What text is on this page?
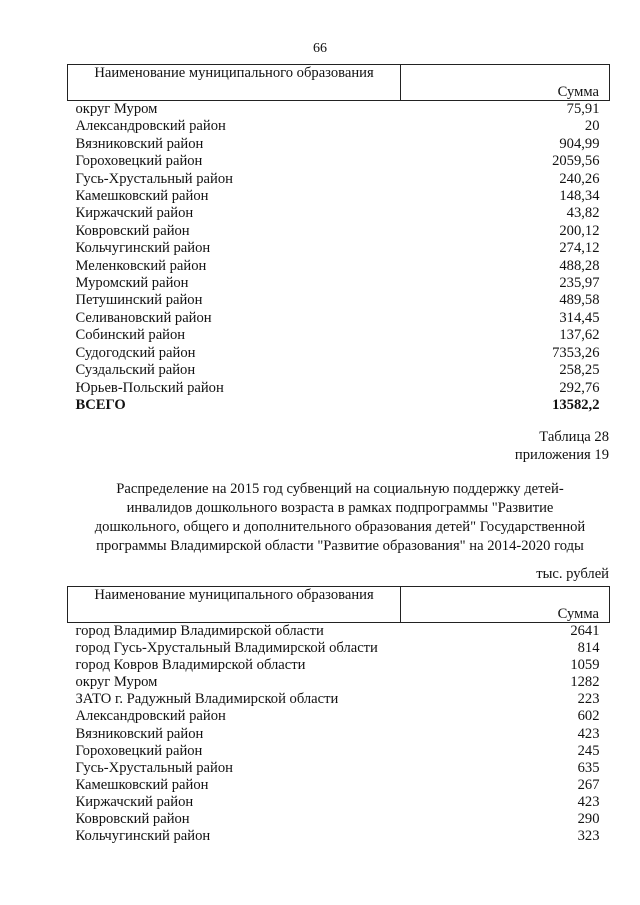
66
Наименование муниципального образования	Сумма
округ Муром	75,91
Александровский район	20
Вязниковский район	904,99
Гороховецкий район	2059,56
Гусь-Хрустальный район	240,26
Камешковский район	148,34
Киржачский район	43,82
Ковровский район	200,12
Кольчугинский район	274,12
Меленковский район	488,28
Муромский район	235,97
Петушинский район	489,58
Селивановский район	314,45
Собинский район	137,62
Судогодский район	7353,26
Суздальский район	258,25
Юрьев-Польский район	292,76
ВСЕГО	13582,2
Таблица 28
приложения 19
Распределение на 2015 год субвенций на социальную поддержку детей-
инвалидов дошкольного возраста в рамках подпрограммы "Развитие
дошкольного, общего и дополнительного образования детей" Государственной
программы Владимирской области "Развитие образования" на 2014-2020 годы
тыс. рублей
Наименование муниципального образования	Сумма
город Владимир Владимирской области	2641
город Гусь-Хрустальный Владимирской области	814
город Ковров Владимирской области	1059
округ Муром	1282
ЗАТО г. Радужный Владимирской области	223
Александровский район	602
Вязниковский район	423
Гороховецкий район	245
Гусь-Хрустальный район	635
Камешковский район	267
Киржачский район	423
Ковровский район	290
Кольчугинский район	323
